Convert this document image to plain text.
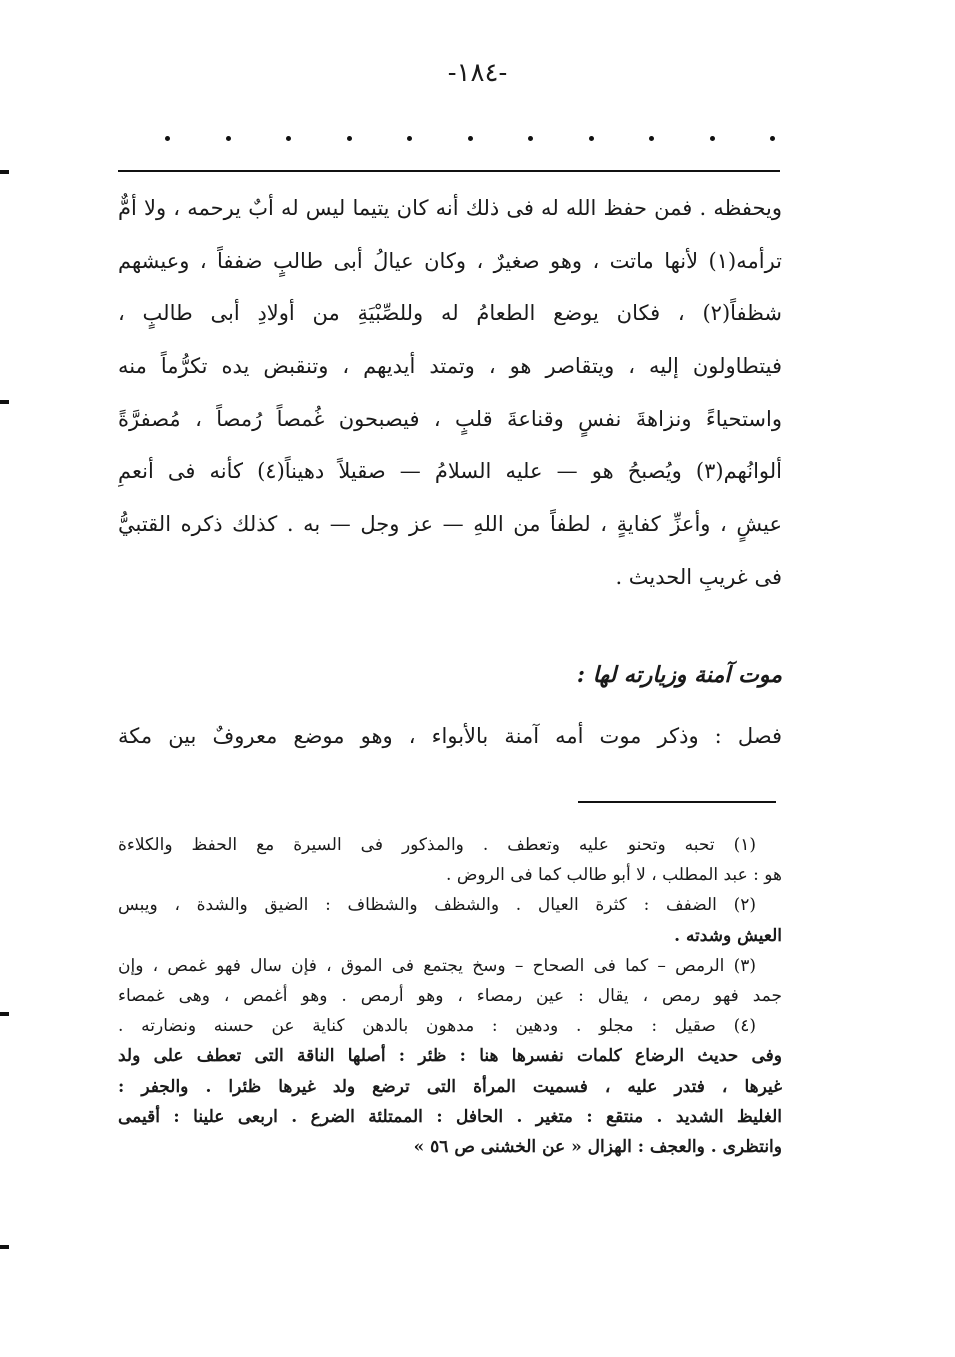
-۱۸٤-
ويحفظه . فمن حفظ الله له فى ذلك أنه كان يتيما ليس له أبٌ يرحمه ، ولا أمٌّ
ترأمه(۱) لأنها ماتت ، وهو صغيرٌ ، وكان عيالُ أبى طالبٍ ضففاً ، وعيشهم
شظفاً(۲) ، فكان يوضع الطعامُ له وللصِّبْيَةِ من أولادِ أبى طالبٍ ،
فيتطاولون إليه ، ويتقاصر هو ، وتمتد أيديهم ، وتنقبض يده تكرُّماً منه
واستحياءً ونزاهةَ نفسٍ وقناعةَ قلبٍ ، فيصبحون غُمصاً رُمصاً ، مُصفرَّةً
ألوانُهم(۳) ويُصبحُ هو — عليه السلامُ — صقيلاً دهيناً(٤) كأنه فى أنعمِ
عيشٍ ، وأعزِّ كفايةٍ ، لطفاً من اللهِ — عز وجل — به . كذلك ذكره القتبيُّ
فى غريبِ الحديث .
موت آمنة وزيارته لها :
فصل : وذكر موت أمه آمنة بالأبواء ، وهو موضع معروفٌ بين مكة
(۱) تحبه وتحنو عليه وتعطف . والمذكور فى السيرة مع الحفظ والكلاءة
هو : عبد المطلب ، لا أبو طالب كما فى الروض .
(۲) الضفف : كثرة العيال . والشظف والشظاف : الضيق والشدة ، ويبس
العيش وشدته .
(۳) الرمص – كما فى الصحاح – وسخ يجتمع فى الموق ، فإن سال فهو غمص ، وإن
جمد فهو رمص ، يقال : عين رمصاء ، وهو أرمص . وهو أغمص ، وهى غمصاء
(٤) صقيل : مجلو . ودهين : مدهون بالدهن كناية عن حسنه ونضارته .
وفى حديث الرضاع كلمات نفسرها هنا : ظئر : أصلها الناقة التى تعطف على ولد
غيرها ، فتدر عليه ، فسميت المرأة التى ترضع ولد غيرها ظئرا . والجفر :
الغليظ الشديد . منتقع : متغير . الحافل : الممتلئة الضرع . اربعى علينا : أقيمى
وانتظرى . والعجف : الهزال « عن الخشنى ص ٥٦ »
